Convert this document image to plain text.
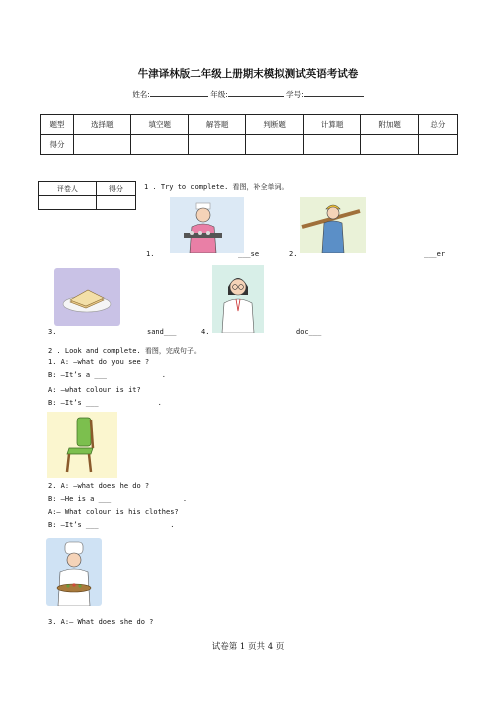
牛津译林版二年级上册期末模拟测试英语考试卷
姓名:	年级:	学号:
题型	选择题	填空题	解答题	判断题	计算题	附加题	总分
得分							
评卷人	得分
		1 . Try to complete. 看图，补全单词。
1.	___se	2.	___er
3.	sand___	4.	doc___
2 . Look and complete. 看图，完成句子。
1. A: —what do you see ?
B: —It’s a ___             .
A: —what colour is it?
B: —It’s ___              .
2. A: —what does he do ?
B: —He is a ___                 .
A:— What colour is his clothes?
B: —It’s ___                 .
3. A:— What does she do ?
试卷第 1 页共 4 页
